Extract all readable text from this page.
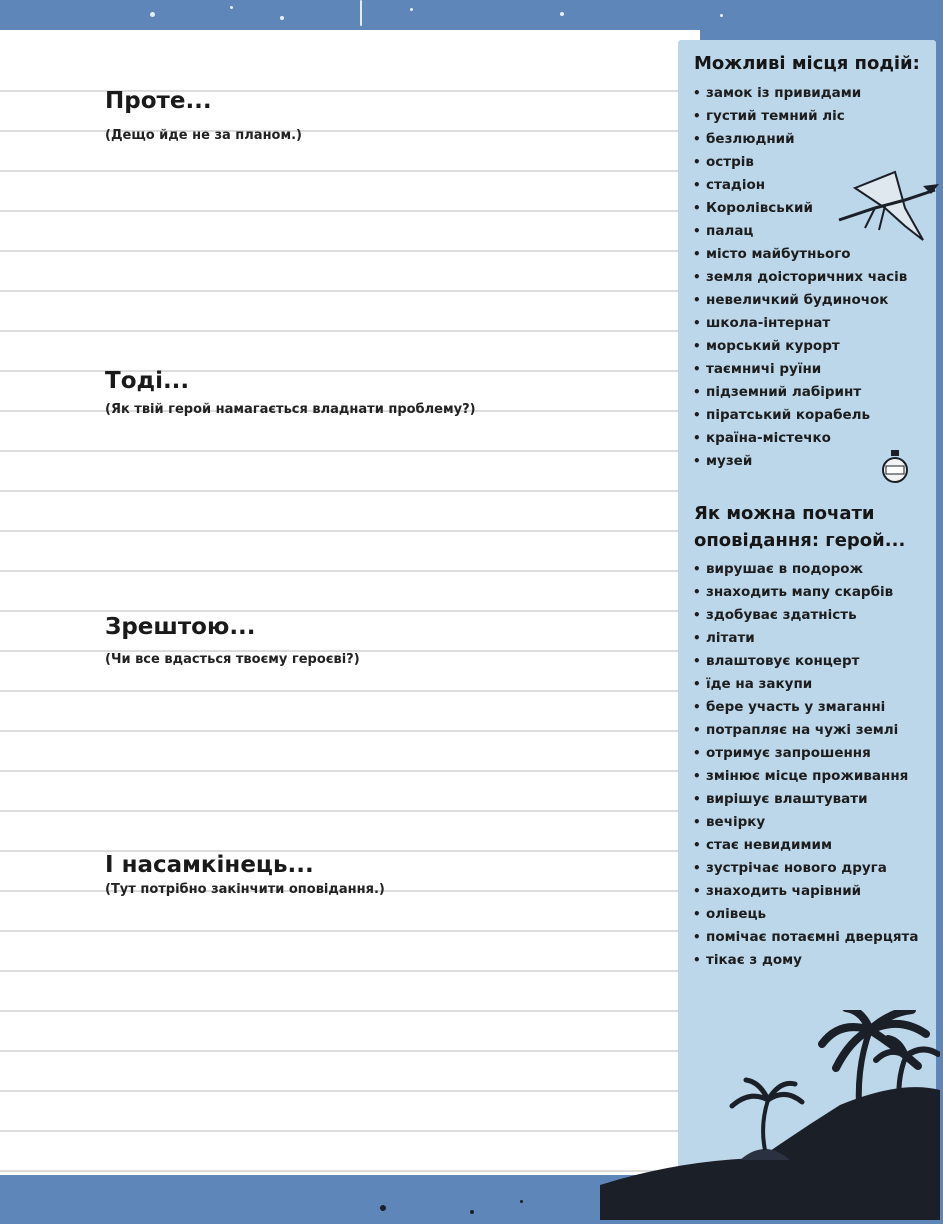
Проте...

(Дещо йде не за планом.)

Тоді...

(Як твій герой намагається владнати проблему?)

Зрештою...

(Чи все вдасться твоєму героєві?)

І насамкінець...

(Тут потрібно закінчити оповідання.)

Можливі місця подій:
• замок із привидами
• густий темний ліс
• безлюдний
• острів
• стадіон
• Королівський
• палац
• місто майбутнього
• земля доісторичних часів
• невеличкий будиночок
• школа-інтернат
• морський курорт
• таємничі руїни
• підземний лабіринт
• піратський корабель
• країна-містечко
• музей
Як можна почати
оповідання: герой...
• вирушає в подорож
• знаходить мапу скарбів
• здобуває здатність
• літати
• влаштовує концерт
• їде на закупи
• бере участь у змаганні
• потрапляє на чужі землі
• отримує запрошення
• змінює місце проживання
• вирішує влаштувати
• вечірку
• стає невидимим
• зустрічає нового друга
• знаходить чарівний
• олівець
• помічає потаємні дверцята
• тікає з дому
